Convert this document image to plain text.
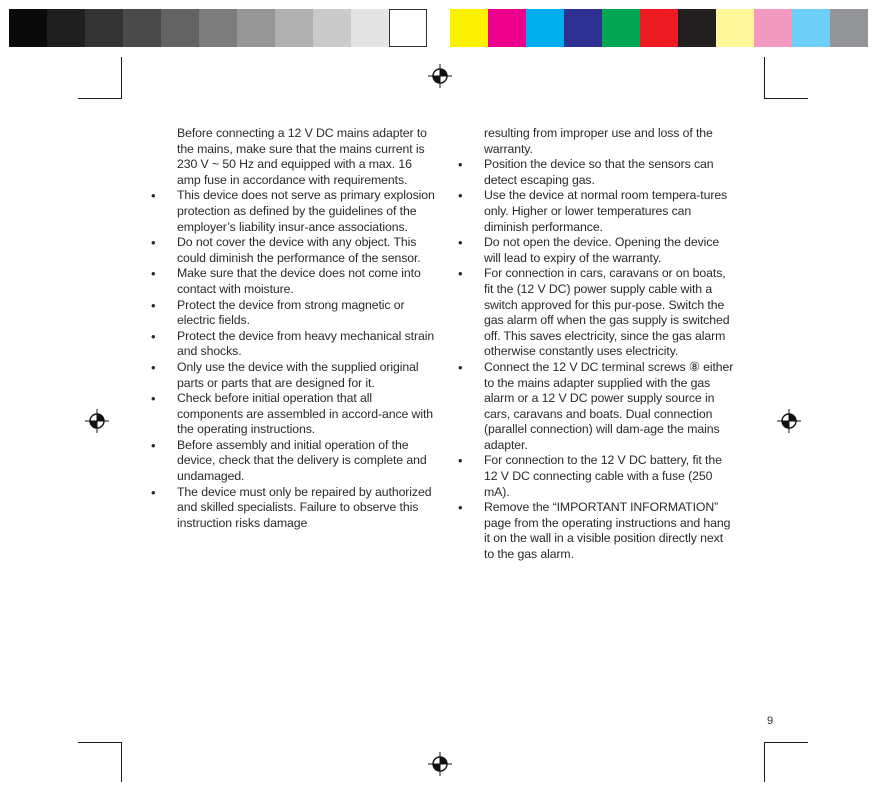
Before connecting a 12 V DC mains adapter to the mains, make sure that the mains current is 230 V ~ 50 Hz and equipped with a max. 16 amp fuse in accordance with requirements.

• This device does not serve as primary explosion protection as defined by the guidelines of the employer’s liability insur-ance associations.
• Do not cover the device with any object. This could diminish the performance of the sensor.
• Make sure that the device does not come into contact with moisture.
• Protect the device from strong magnetic or electric fields.
• Protect the device from heavy mechanical strain and shocks.
• Only use the device with the supplied original parts or parts that are designed for it.
• Check before initial operation that all components are assembled in accord-ance with the operating instructions.
• Before assembly and initial operation of the device, check that the delivery is complete and undamaged.
• The device must only be repaired by authorized and skilled specialists. Failure to observe this instruction risks damage

resulting from improper use and loss of the warranty.

• Position the device so that the sensors can detect escaping gas.
• Use the device at normal room tempera-tures only. Higher or lower temperatures can diminish performance.
• Do not open the device. Opening the device will lead to expiry of the warranty.
• For connection in cars, caravans or on boats, fit the (12 V DC) power supply cable with a switch approved for this pur-pose. Switch the gas alarm off when the gas supply is switched off. This saves electricity, since the gas alarm otherwise constantly uses electricity.
• Connect the 12 V DC terminal screws ⑧ either to the mains adapter supplied with the gas alarm or a 12 V DC power supply source in cars, caravans and boats. Dual connection (parallel connection) will dam-age the mains adapter.
• For connection to the 12 V DC battery, fit the 12 V DC connecting cable with a fuse (250 mA).
• Remove the “IMPORTANT INFORMATION” page from the operating instructions and hang it on the wall in a visible position directly next to the gas alarm.
9
